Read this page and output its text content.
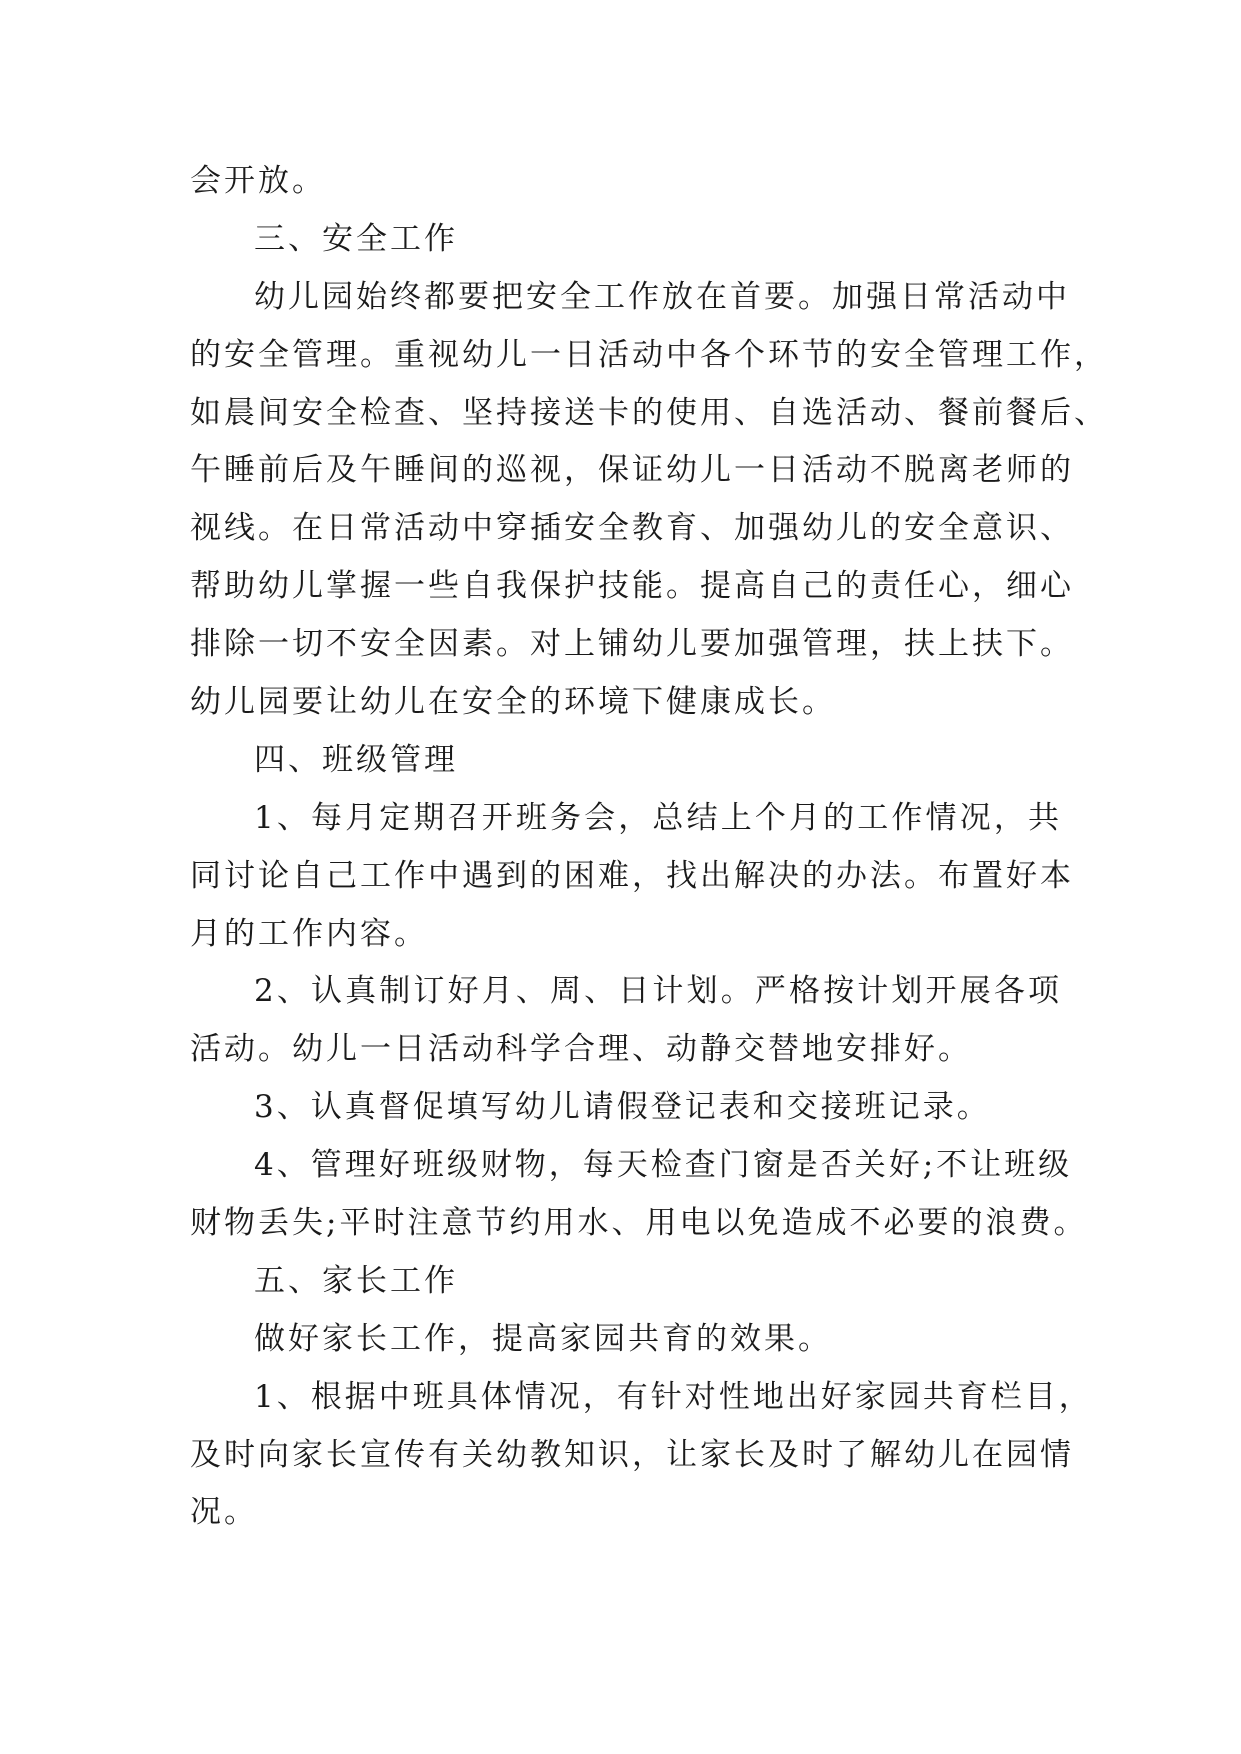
会开放。
三、安全工作
幼儿园始终都要把安全工作放在首要。加强日常活动中
的安全管理。重视幼儿一日活动中各个环节的安全管理工作，
如晨间安全检查、坚持接送卡的使用、自选活动、餐前餐后、
午睡前后及午睡间的巡视，保证幼儿一日活动不脱离老师的
视线。在日常活动中穿插安全教育、加强幼儿的安全意识、
帮助幼儿掌握一些自我保护技能。提高自己的责任心，细心
排除一切不安全因素。对上铺幼儿要加强管理，扶上扶下。
幼儿园要让幼儿在安全的环境下健康成长。
四、班级管理
1、每月定期召开班务会，总结上个月的工作情况，共
同讨论自己工作中遇到的困难，找出解决的办法。布置好本
月的工作内容。
2、认真制订好月、周、日计划。严格按计划开展各项
活动。幼儿一日活动科学合理、动静交替地安排好。
3、认真督促填写幼儿请假登记表和交接班记录。
4、管理好班级财物，每天检查门窗是否关好;不让班级
财物丢失;平时注意节约用水、用电以免造成不必要的浪费。
五、家长工作
做好家长工作，提高家园共育的效果。
1、根据中班具体情况，有针对性地出好家园共育栏目，
及时向家长宣传有关幼教知识，让家长及时了解幼儿在园情
况。
